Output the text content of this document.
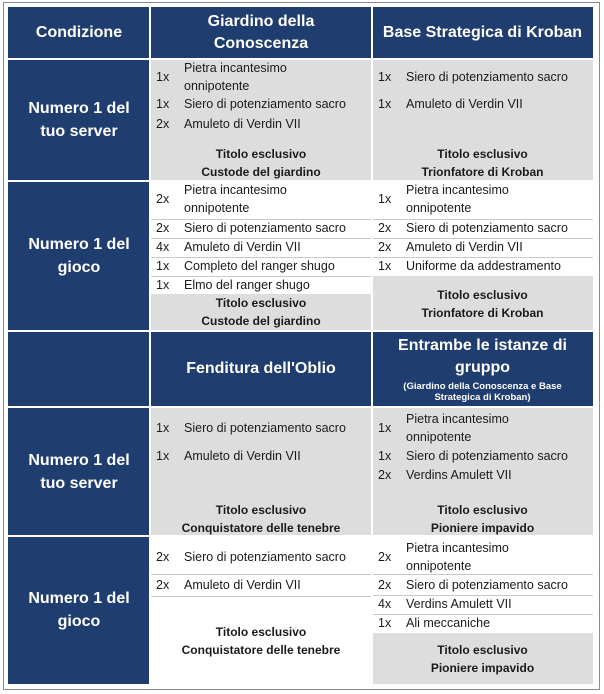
Condizione
Giardino della Conoscenza
Base Strategica di Kroban
Numero 1 del tuo server
1x
Pietra incantesimo onnipotente
1x Siero di potenziamento sacro
2x Amuleto di Verdin VII
Titolo esclusivo
Custode del giardino
1x Siero di potenziamento sacro
1x Amuleto di Verdin VII
Titolo esclusivo
Trionfatore di Kroban
Numero 1 del gioco
2x
Pietra incantesimo onnipotente
2x Siero di potenziamento sacro
4x Amuleto di Verdin VII
1x Completo del ranger shugo
1x Elmo del ranger shugo
Titolo esclusivo
Custode del giardino
1x
Pietra incantesimo onnipotente
2x Siero di potenziamento sacro
2x Amuleto di Verdin VII
1x Uniforme da addestramento
Titolo esclusivo
Trionfatore di Kroban
Fenditura dell'Oblio
Entrambe le istanze di gruppo
(Giardino della Conoscenza e Base Strategica di Kroban)
Numero 1 del tuo server
1x Siero di potenziamento sacro
1x Amuleto di Verdin VII
Titolo esclusivo
Conquistatore delle tenebre
1x
Pietra incantesimo onnipotente
1x Siero di potenziamento sacro
2x Verdins Amulett VII
Titolo esclusivo
Pioniere impavido
Numero 1 del gioco
2x Siero di potenziamento sacro
2x Amuleto di Verdin VII
Titolo esclusivo
Conquistatore delle tenebre
2x
Pietra incantesimo onnipotente
2x Siero di potenziamento sacro
4x Verdins Amulett VII
1x Ali meccaniche
Titolo esclusivo
Pioniere impavido
